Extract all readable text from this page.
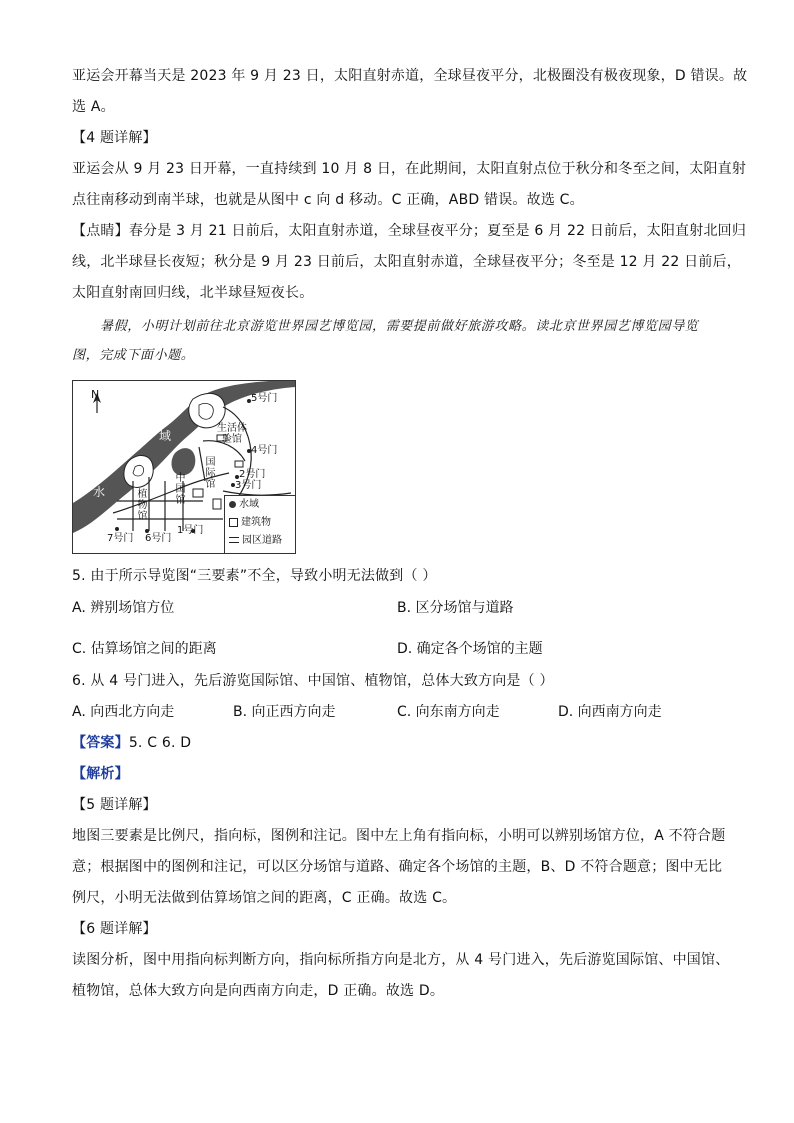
亚运会开幕当天是 2023 年 9 月 23 日，太阳直射赤道，全球昼夜平分，北极圈没有极夜现象，D 错误。故
选 A。
【4 题详解】
亚运会从 9 月 23 日开幕，一直持续到 10 月 8 日，在此期间，太阳直射点位于秋分和冬至之间，太阳直射
点往南移动到南半球，也就是从图中 c 向 d 移动。C 正确，ABD 错误。故选 C。
【点睛】春分是 3 月 21 日前后，太阳直射赤道，全球昼夜平分；夏至是 6 月 22 日前后，太阳直射北回归
线，北半球昼长夜短；秋分是 9 月 23 日前后，太阳直射赤道，全球昼夜平分；冬至是 12 月 22 日前后，
太阳直射南回归线，北半球昼短夜长。
暑假，小明计划前往北京游览世界园艺博览园，需要提前做好旅游攻略。读北京世界园艺博览园导览
图，完成下面小题。
N
域
水
5号门
生活体验馆
4号门
国际馆
2号门
3号门
中国馆
植物馆
1号门
7号门 6号门
水域
建筑物
园区道路
5. 由于所示导览图“三要素”不全，导致小明无法做到（ ）
A. 辨别场馆方位	B. 区分场馆与道路
C. 估算场馆之间的距离	D. 确定各个场馆的主题
6. 从 4 号门进入，先后游览国际馆、中国馆、植物馆，总体大致方向是（ ）
A. 向西北方向走	B. 向正西方向走	C. 向东南方向走	D. 向西南方向走
【答案】5. C 6. D
【解析】
【5 题详解】
地图三要素是比例尺，指向标，图例和注记。图中左上角有指向标，小明可以辨别场馆方位，A 不符合题
意；根据图中的图例和注记，可以区分场馆与道路、确定各个场馆的主题，B、D 不符合题意；图中无比
例尺，小明无法做到估算场馆之间的距离，C 正确。故选 C。
【6 题详解】
读图分析，图中用指向标判断方向，指向标所指方向是北方，从 4 号门进入，先后游览国际馆、中国馆、
植物馆，总体大致方向是向西南方向走，D 正确。故选 D。
